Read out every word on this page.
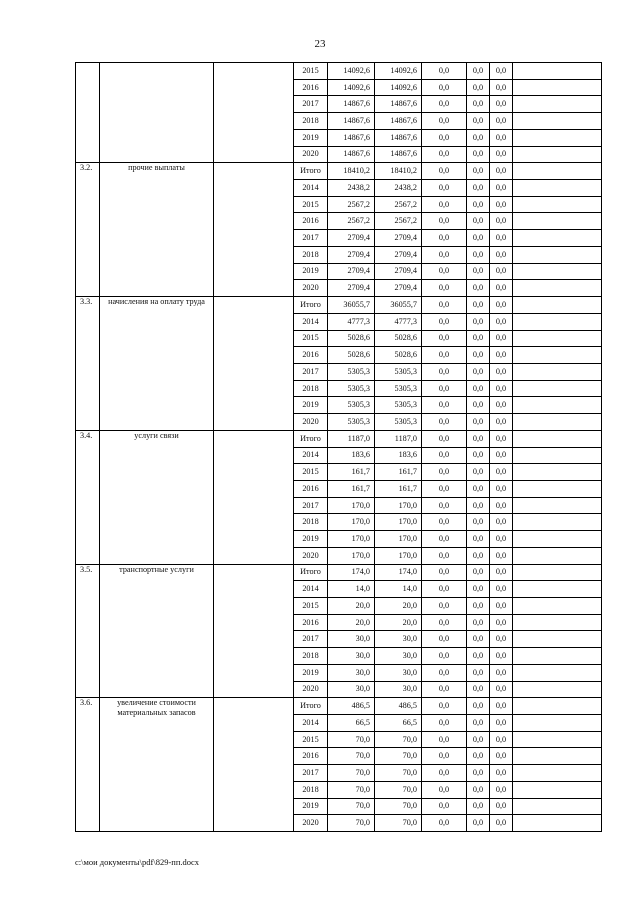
23
			2015	14092,6	14092,6	0,0	0,0	0,0	
			2016	14092,6	14092,6	0,0	0,0	0,0	
			2017	14867,6	14867,6	0,0	0,0	0,0	
			2018	14867,6	14867,6	0,0	0,0	0,0	
			2019	14867,6	14867,6	0,0	0,0	0,0	
			2020	14867,6	14867,6	0,0	0,0	0,0	
3.2.	прочие выплаты		Итого	18410,2	18410,2	0,0	0,0	0,0	
			2014	2438,2	2438,2	0,0	0,0	0,0	
			2015	2567,2	2567,2	0,0	0,0	0,0	
			2016	2567,2	2567,2	0,0	0,0	0,0	
			2017	2709,4	2709,4	0,0	0,0	0,0	
			2018	2709,4	2709,4	0,0	0,0	0,0	
			2019	2709,4	2709,4	0,0	0,0	0,0	
			2020	2709,4	2709,4	0,0	0,0	0,0	
3.3.	начисления на оплату труда		Итого	36055,7	36055,7	0,0	0,0	0,0	
			2014	4777,3	4777,3	0,0	0,0	0,0	
			2015	5028,6	5028,6	0,0	0,0	0,0	
			2016	5028,6	5028,6	0,0	0,0	0,0	
			2017	5305,3	5305,3	0,0	0,0	0,0	
			2018	5305,3	5305,3	0,0	0,0	0,0	
			2019	5305,3	5305,3	0,0	0,0	0,0	
			2020	5305,3	5305,3	0,0	0,0	0,0	
3.4.	услуги связи		Итого	1187,0	1187,0	0,0	0,0	0,0	
			2014	183,6	183,6	0,0	0,0	0,0	
			2015	161,7	161,7	0,0	0,0	0,0	
			2016	161,7	161,7	0,0	0,0	0,0	
			2017	170,0	170,0	0,0	0,0	0,0	
			2018	170,0	170,0	0,0	0,0	0,0	
			2019	170,0	170,0	0,0	0,0	0,0	
			2020	170,0	170,0	0,0	0,0	0,0	
3.5.	транспортные услуги		Итого	174,0	174,0	0,0	0,0	0,0	
			2014	14,0	14,0	0,0	0,0	0,0	
			2015	20,0	20,0	0,0	0,0	0,0	
			2016	20,0	20,0	0,0	0,0	0,0	
			2017	30,0	30,0	0,0	0,0	0,0	
			2018	30,0	30,0	0,0	0,0	0,0	
			2019	30,0	30,0	0,0	0,0	0,0	
			2020	30,0	30,0	0,0	0,0	0,0	
3.6.	увеличение стоимости материальных запасов		Итого	486,5	486,5	0,0	0,0	0,0	
			2014	66,5	66,5	0,0	0,0	0,0	
			2015	70,0	70,0	0,0	0,0	0,0	
			2016	70,0	70,0	0,0	0,0	0,0	
			2017	70,0	70,0	0,0	0,0	0,0	
			2018	70,0	70,0	0,0	0,0	0,0	
			2019	70,0	70,0	0,0	0,0	0,0	
			2020	70,0	70,0	0,0	0,0	0,0	
c:\мои документы\pdf\829-пп.docx
